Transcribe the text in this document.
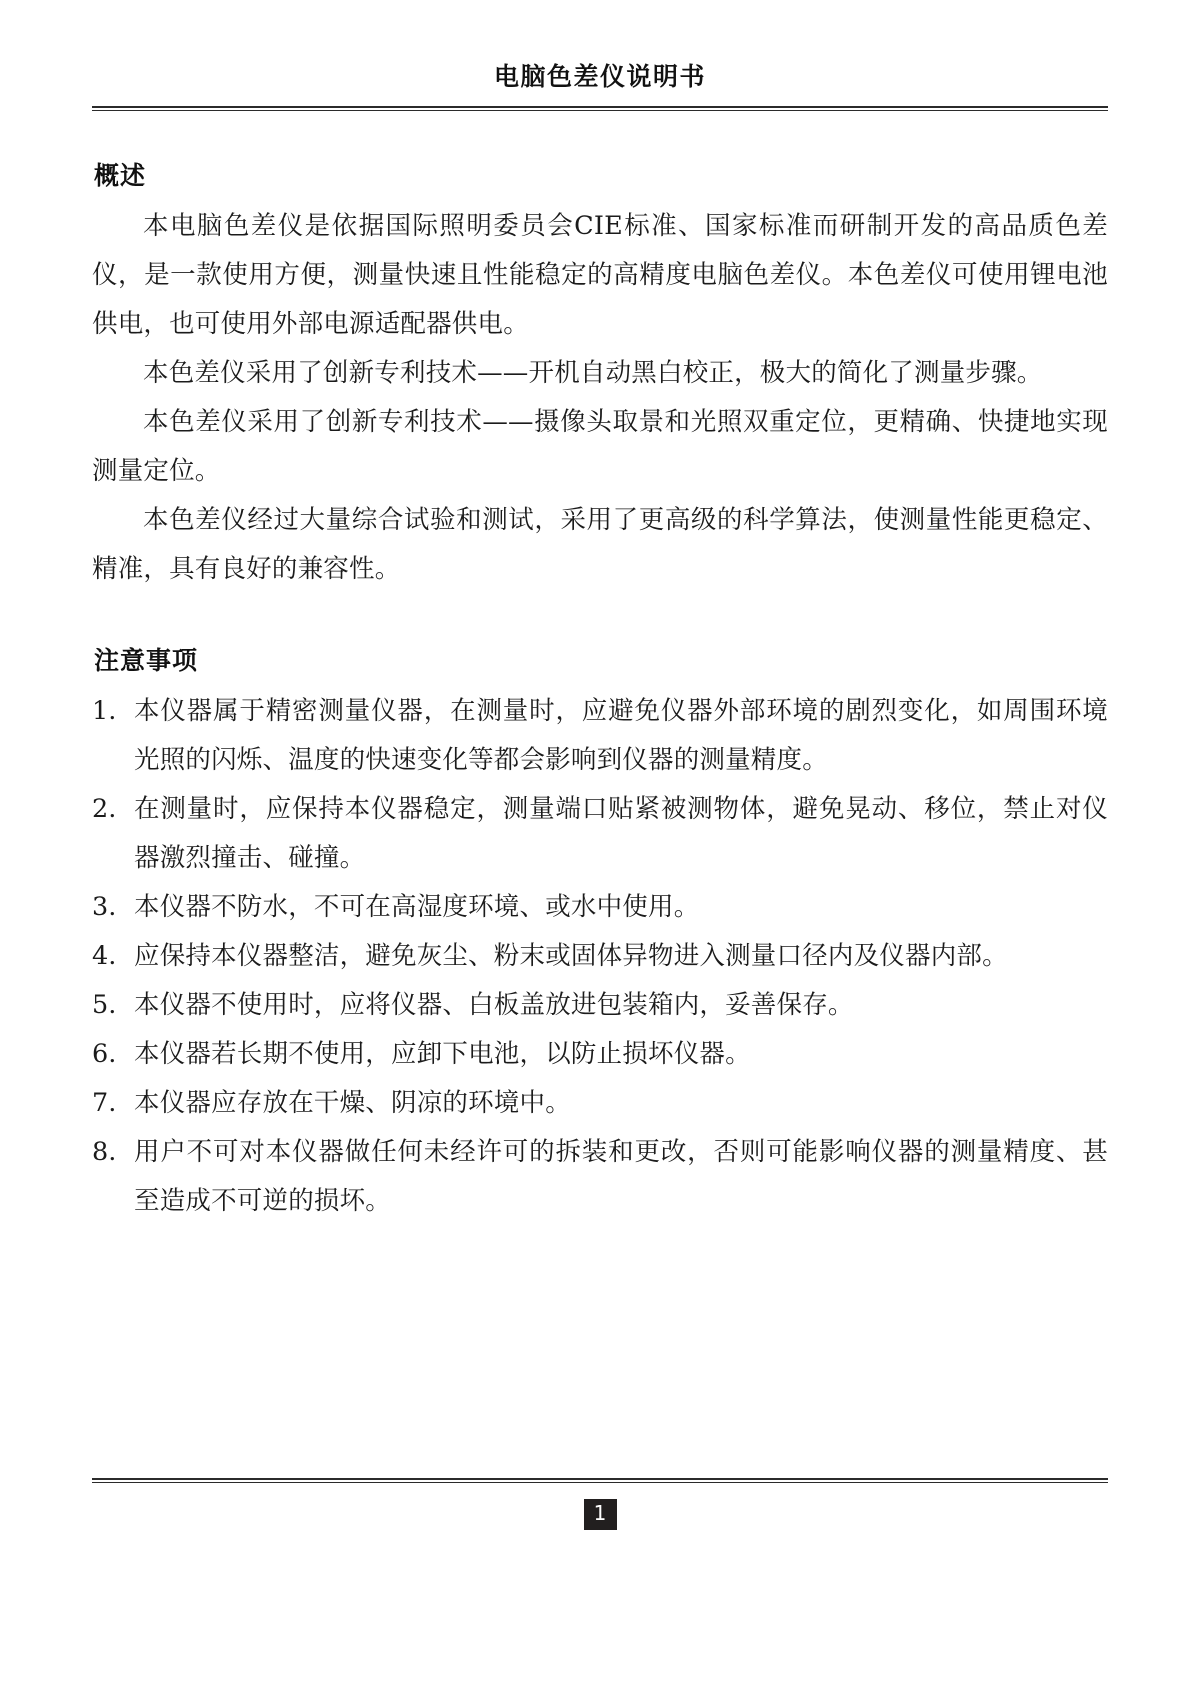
电脑色差仪说明书
概述

本电脑色差仪是依据国际照明委员会CIE标准、国家标准而研制开发的高品质色差仪，是一款使用方便，测量快速且性能稳定的高精度电脑色差仪。本色差仪可使用锂电池供电，也可使用外部电源适配器供电。

本色差仪采用了创新专利技术——开机自动黑白校正，极大的简化了测量步骤。

本色差仪采用了创新专利技术——摄像头取景和光照双重定位，更精确、快捷地实现测量定位。

本色差仪经过大量综合试验和测试，采用了更高级的科学算法，使测量性能更稳定、精准，具有良好的兼容性。

注意事项
1. 本仪器属于精密测量仪器，在测量时，应避免仪器外部环境的剧烈变化，如周围环境光照的闪烁、温度的快速变化等都会影响到仪器的测量精度。
2. 在测量时，应保持本仪器稳定，测量端口贴紧被测物体，避免晃动、移位，禁止对仪器激烈撞击、碰撞。
3. 本仪器不防水，不可在高湿度环境、或水中使用。
4. 应保持本仪器整洁，避免灰尘、粉末或固体异物进入测量口径内及仪器内部。
5. 本仪器不使用时，应将仪器、白板盖放进包装箱内，妥善保存。
6. 本仪器若长期不使用，应卸下电池，以防止损坏仪器。
7. 本仪器应存放在干燥、阴凉的环境中。
8. 用户不可对本仪器做任何未经许可的拆装和更改，否则可能影响仪器的测量精度、甚至造成不可逆的损坏。
1
